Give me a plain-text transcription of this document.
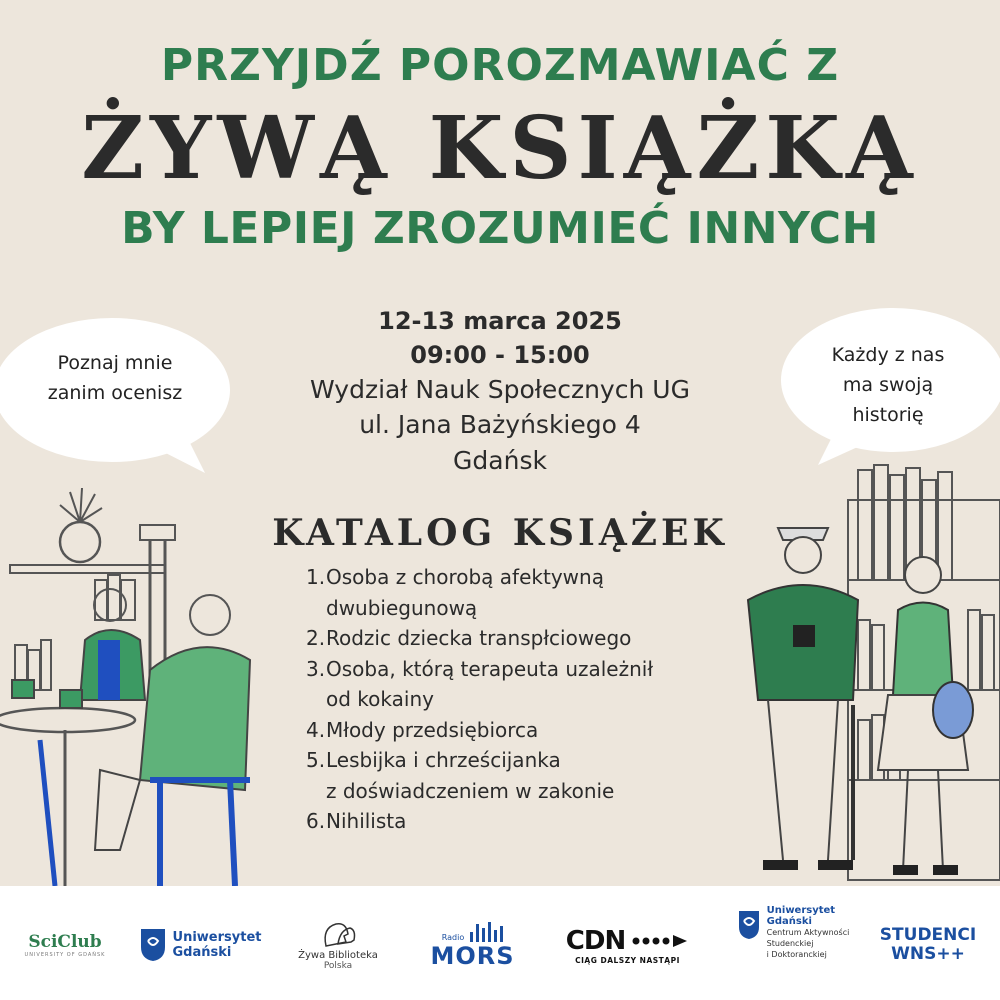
PRZYJDŹ POROZMAWIAĆ Z
ŻYWĄ KSIĄŻKĄ
BY LEPIEJ ZROZUMIEĆ INNYCH
12-13 marca 2025
09:00 - 15:00
Wydział Nauk Społecznych UG
ul. Jana Bażyńskiego 4
Gdańsk
Poznaj mnie
zanim ocenisz
Każdy z nas
ma swoją
historię
KATALOG KSIĄŻEK
1. Osoba z chorobą afektywną
dwubiegunową
2. Rodzic dziecka transpłciowego
3. Osoba, którą terapeuta uzależnił
od kokainy
4. Młody przedsiębiorca
5. Lesbijka i chrześcijanka
z doświadczeniem w zakonie
6. Nihilista
SciClub
UNIVERSITY OF GDAŃSK
Uniwersytet
Gdański	Żywa Biblioteka
Polska
Radio
MORS
CDN
CIĄG DALSZY NASTĄPI
Uniwersytet
Gdański
Centrum Aktywności
Studenckiej
i Doktoranckiej
STUDENCI
WNS++
